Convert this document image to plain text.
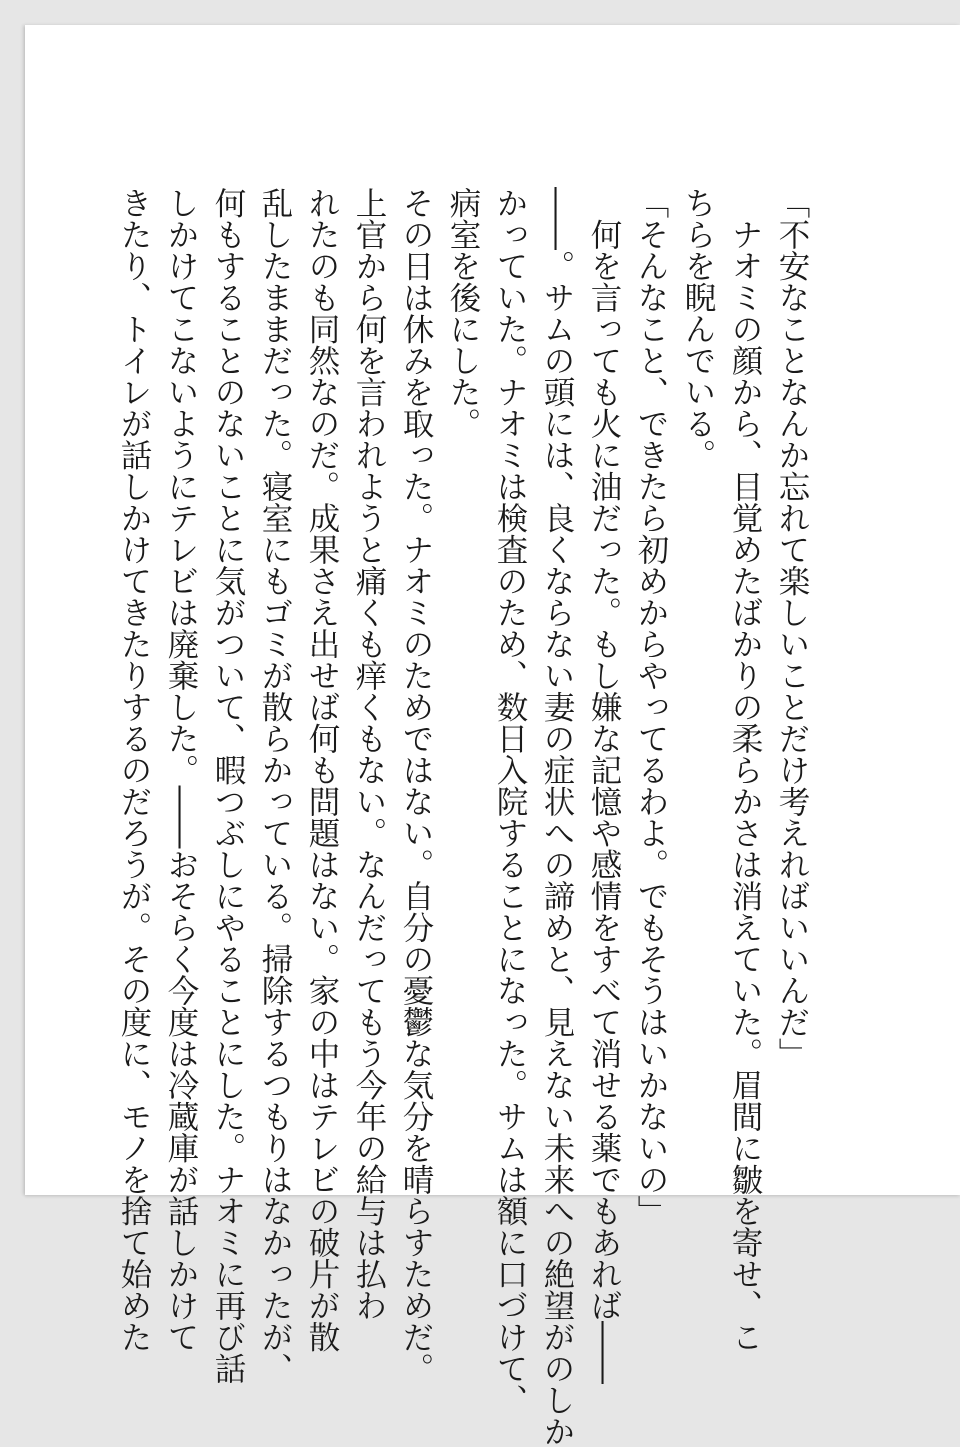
「不安なことなんか忘れて楽しいことだけ考えればいいんだ」
　ナオミの顔から、目覚めたばかりの柔らかさは消えていた。眉間に皺を寄せ、こ
ちらを睨んでいる。
「そんなこと、できたら初めからやってるわよ。でもそうはいかないの」
　何を言っても火に油だった。もし嫌な記憶や感情をすべて消せる薬でもあれば――
――。サムの頭には、良くならない妻の症状への諦めと、見えない未来への絶望がのしか
かっていた。ナオミは検査のため、数日入院することになった。サムは額に口づけて、
病室を後にした。
その日は休みを取った。ナオミのためではない。自分の憂鬱な気分を晴らすためだ。
上官から何を言われようと痛くも痒くもない。なんだってもう今年の給与は払わ
れたのも同然なのだ。成果さえ出せば何も問題はない。家の中はテレビの破片が散
乱したままだった。寝室にもゴミが散らかっている。掃除するつもりはなかったが、
何もすることのないことに気がついて、暇つぶしにやることにした。ナオミに再び話
しかけてこないようにテレビは廃棄した。――おそらく今度は冷蔵庫が話しかけて
きたり、トイレが話しかけてきたりするのだろうが。その度に、モノを捨て始めた
